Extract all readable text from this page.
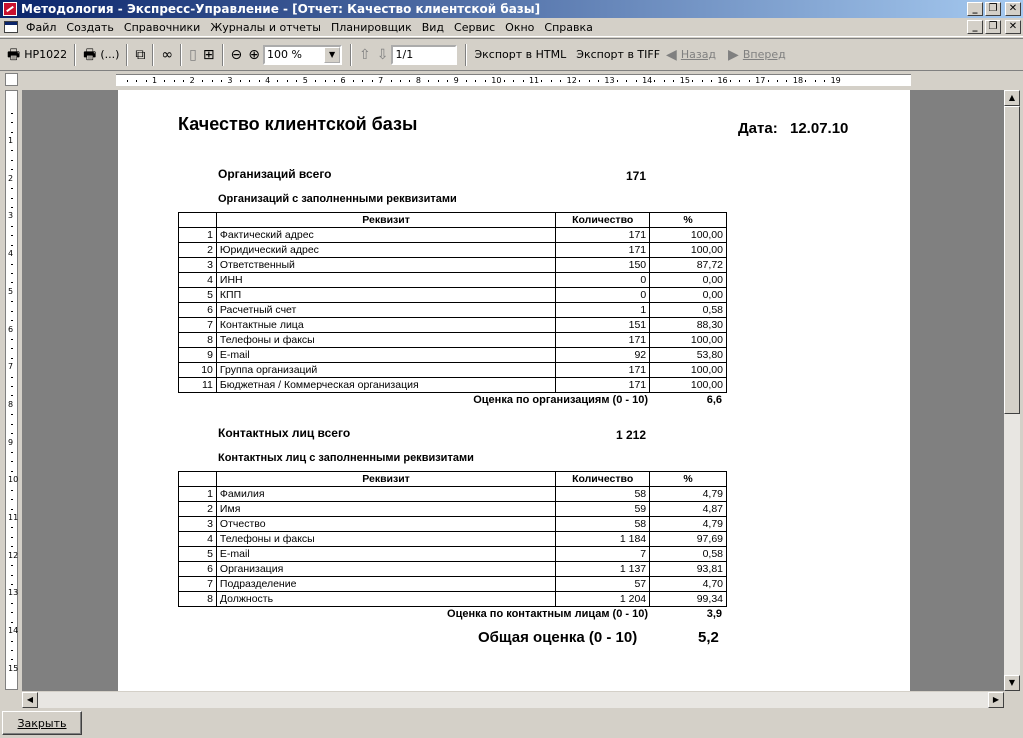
Методология - Экспресс-Управление - [Отчет: Качество клиентской базы]	_	❐	✕
Файл Создать Справочники Журналы и отчеты Планировщик Вид Сервис Окно Справка	_	❐	✕
🖶 HP1022 🖶 (...) ⧉ ∞ ▯ ⊞ ⊖ ⊕ 100 %	▼	⇧ ⇩ 1/1	Экспорт в HTML Экспорт в TIFF ◀ Назад ▶ Вперед
1	2	3	4	5	6	7	8	9	10	11	12	13	14	15	16	17	18	19
1
2
3
4
5
6
7
8
9
10
11
12
13
14
15
Качество клиентской базы	Дата: 12.07.10
Организаций всего	171
Организаций с заполненными реквизитами
	Реквизит	Количество	%
1	Фактический адрес	171	100,00
2	Юридический адрес	171	100,00
3	Ответственный	150	87,72
4	ИНН	0	0,00
5	КПП	0	0,00
6	Расчетный счет	1	0,58
7	Контактные лица	151	88,30
8	Телефоны и факсы	171	100,00
9	E-mail	92	53,80
10	Группа организаций	171	100,00
11	Бюджетная / Коммерческая организация	171	100,00
Оценка по организациям (0 - 10)	6,6
Контактных лиц всего	1 212
Контактных лиц с заполненными реквизитами
	Реквизит	Количество	%
1	Фамилия	58	4,79
2	Имя	59	4,87
3	Отчество	58	4,79
4	Телефоны и факсы	1 184	97,69
5	E-mail	7	0,58
6	Организация	1 137	93,81
7	Подразделение	57	4,70
8	Должность	1 204	99,34
Оценка по контактным лицам (0 - 10)	3,9
Общая оценка (0 - 10)	5,2
▲
▼
◀	▶
Закрыть
